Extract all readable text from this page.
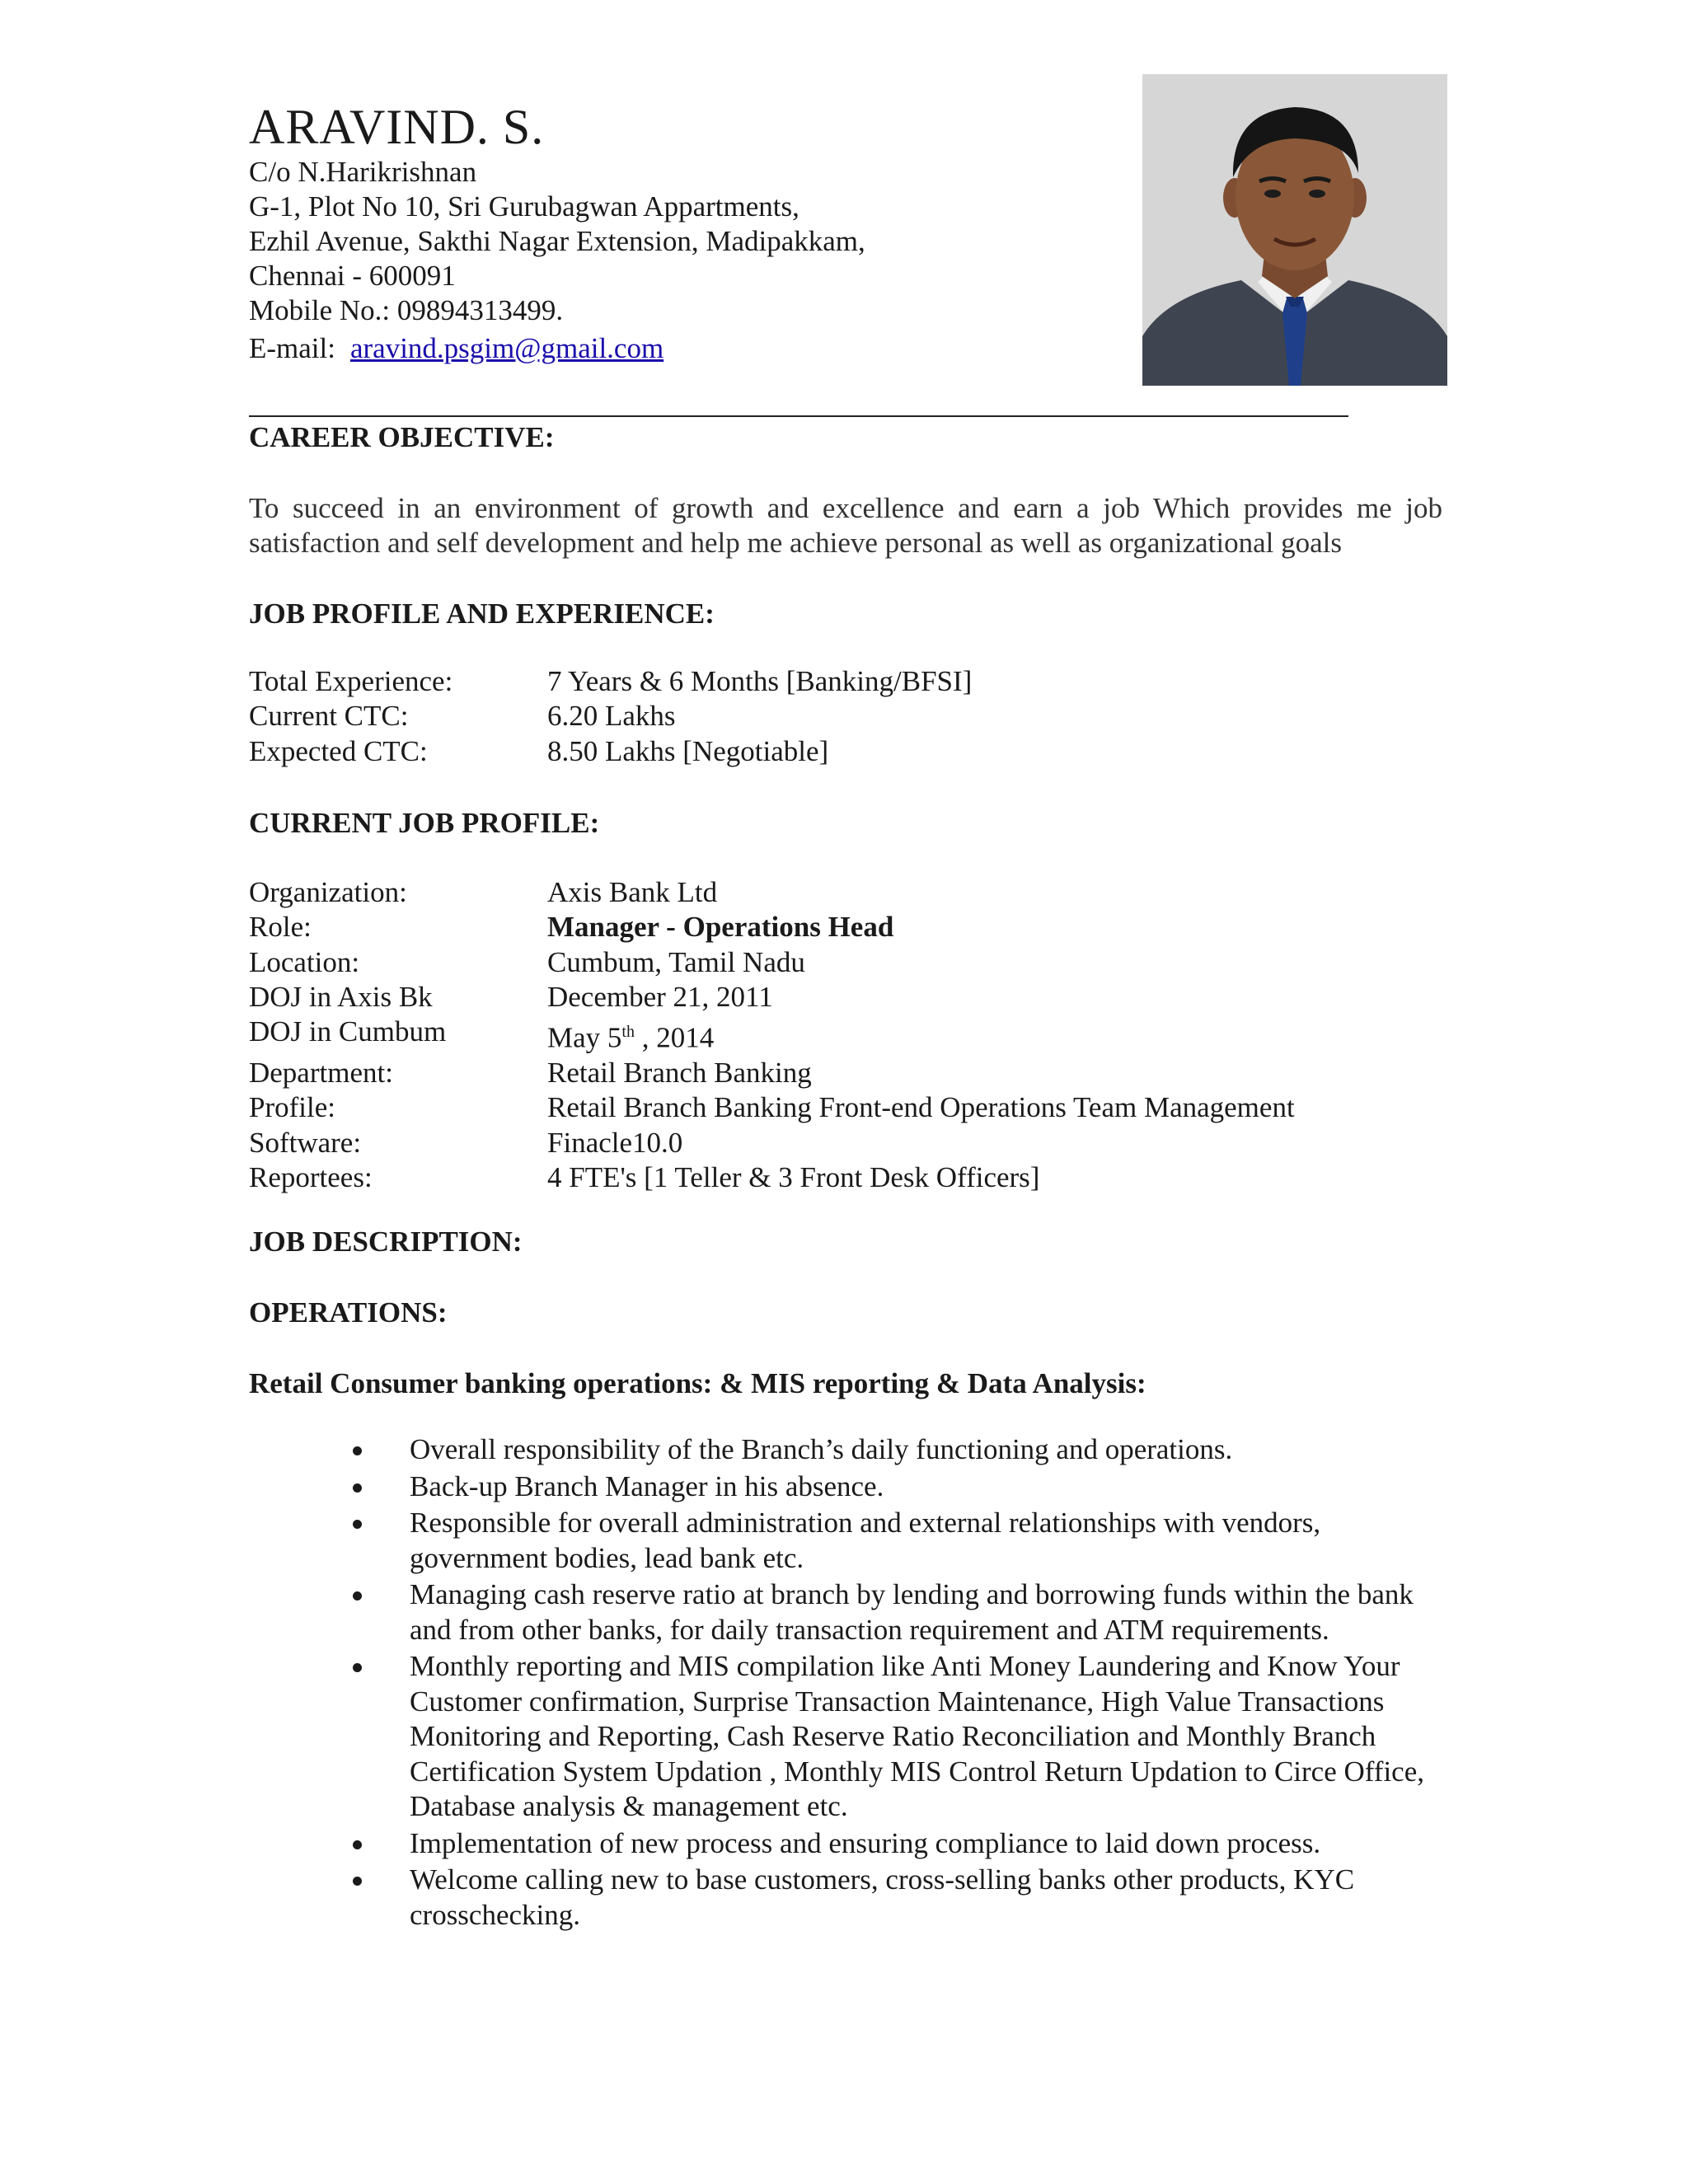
ARAVIND. S.
C/o N.Harikrishnan
G-1, Plot No 10, Sri Gurubagwan Appartments,
Ezhil Avenue, Sakthi Nagar Extension, Madipakkam,
Chennai - 600091
Mobile No.: 09894313499.
E-mail: aravind.psgim@gmail.com
CAREER OBJECTIVE:

To succeed in an environment of growth and excellence and earn a job Which provides me job satisfaction and self development and help me achieve personal as well as organizational goals

JOB PROFILE AND EXPERIENCE:
Total Experience:	7 Years & 6 Months [Banking/BFSI]
Current CTC:	6.20 Lakhs
Expected CTC:	8.50 Lakhs [Negotiable]
CURRENT JOB PROFILE:
Organization:	Axis Bank Ltd
Role:	Manager - Operations Head
Location:	Cumbum, Tamil Nadu
DOJ in Axis Bk	December 21, 2011
DOJ in Cumbum	May 5th , 2014
Department:	Retail Branch Banking
Profile:	Retail Branch Banking Front-end Operations Team Management
Software:	Finacle10.0
Reportees:	4 FTE's [1 Teller & 3 Front Desk Officers]
JOB DESCRIPTION:
OPERATIONS:
Retail Consumer banking operations: & MIS reporting & Data Analysis:
Overall responsibility of the Branch’s daily functioning and operations.
Back-up Branch Manager in his absence.
Responsible for overall administration and external relationships with vendors, government bodies, lead bank etc.
Managing cash reserve ratio at branch by lending and borrowing funds within the bank and from other banks, for daily transaction requirement and ATM requirements.
Monthly reporting and MIS compilation like Anti Money Laundering and Know Your Customer confirmation, Surprise Transaction Maintenance, High Value Transactions Monitoring and Reporting, Cash Reserve Ratio Reconciliation and Monthly Branch Certification System Updation , Monthly MIS Control Return Updation to Circe Office, Database analysis & management etc.
Implementation of new process and ensuring compliance to laid down process.
Welcome calling new to base customers, cross-selling banks other products, KYC crosschecking.
